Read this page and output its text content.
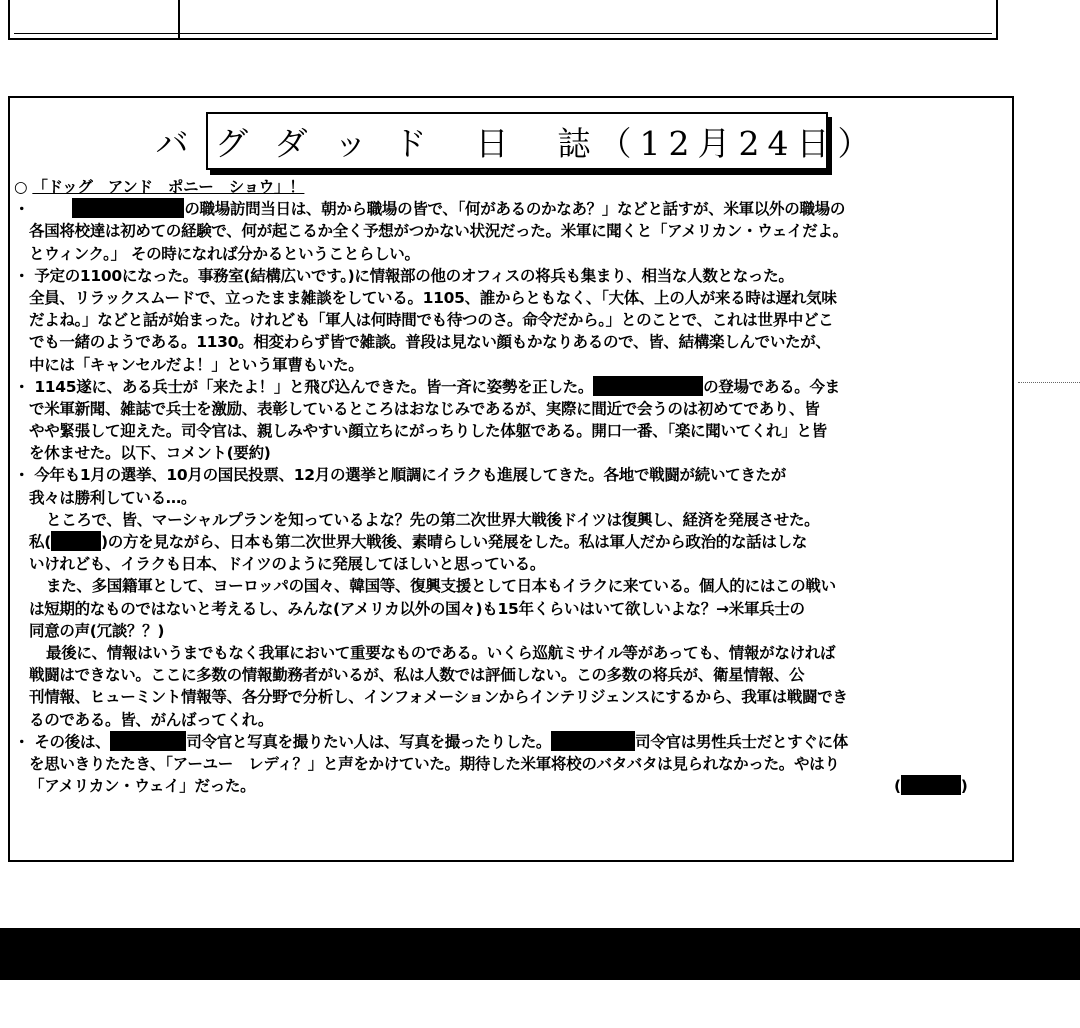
バ グ ダ ッ ド　日　誌（12月24日）
○ 「ドッグ　アンド　ポニー　ショウ」！
・	の職場訪問当日は、朝から職場の皆で、「何があるのかなあ？」などと話すが、米軍以外の職場の
各国将校達は初めての経験で、何が起こるか全く予想がつかない状況だった。米軍に聞くと「アメリカン・ウェイだよ。
とウィンク。」 その時になれば分かるということらしい。
・ 予定の1100になった。事務室(結構広いです。)に情報部の他のオフィスの将兵も集まり、相当な人数となった。
全員、リラックスムードで、立ったまま雑談をしている。1105、誰からともなく、「大体、上の人が来る時は遅れ気味
だよね。」などと話が始まった。けれども「軍人は何時間でも待つのさ。命令だから。」とのことで、これは世界中どこ
でも一緒のようである。1130。相変わらず皆で雑談。普段は見ない顔もかなりあるので、皆、結構楽しんでいたが、
中には「キャンセルだよ！」という軍曹もいた。
・ 1145遂に、ある兵士が「来たよ！」と飛び込んできた。皆一斉に姿勢を正した。	の登場である。今ま
で米軍新聞、雑誌で兵士を激励、表彰しているところはおなじみであるが、実際に間近で会うのは初めてであり、皆
やや緊張して迎えた。司令官は、親しみやすい顔立ちにがっちりした体躯である。開口一番、「楽に聞いてくれ」と皆
を休ませた。以下、コメント(要約)
・ 今年も1月の選挙、10月の国民投票、12月の選挙と順調にイラクも進展してきた。各地で戦闘が続いてきたが
我々は勝利している…。
ところで、皆、マーシャルプランを知っているよな？先の第二次世界大戦後ドイツは復興し、経済を発展させた。
私(	)の方を見ながら、日本も第二次世界大戦後、素晴らしい発展をした。私は軍人だから政治的な話はしな
いけれども、イラクも日本、ドイツのように発展してほしいと思っている。
また、多国籍軍として、ヨーロッパの国々、韓国等、復興支援として日本もイラクに来ている。個人的にはこの戦い
は短期的なものではないと考えるし、みんな(アメリカ以外の国々)も15年くらいはいて欲しいよな？→米軍兵士の
同意の声(冗談？？)
最後に、情報はいうまでもなく我軍において重要なものである。いくら巡航ミサイル等があっても、情報がなければ
戦闘はできない。ここに多数の情報勤務者がいるが、私は人数では評価しない。この多数の将兵が、衛星情報、公
刊情報、ヒューミント情報等、各分野で分析し、インフォメーションからインテリジェンスにするから、我軍は戦闘でき
るのである。皆、がんばってくれ。
・ その後は、	司令官と写真を撮りたい人は、写真を撮ったりした。	司令官は男性兵士だとすぐに体
を思いきりたたき、「アーユー　レディ？」と声をかけていた。期待した米軍将校のバタバタは見られなかった。やはり
「アメリカン・ウェイ」だった。	(	)
